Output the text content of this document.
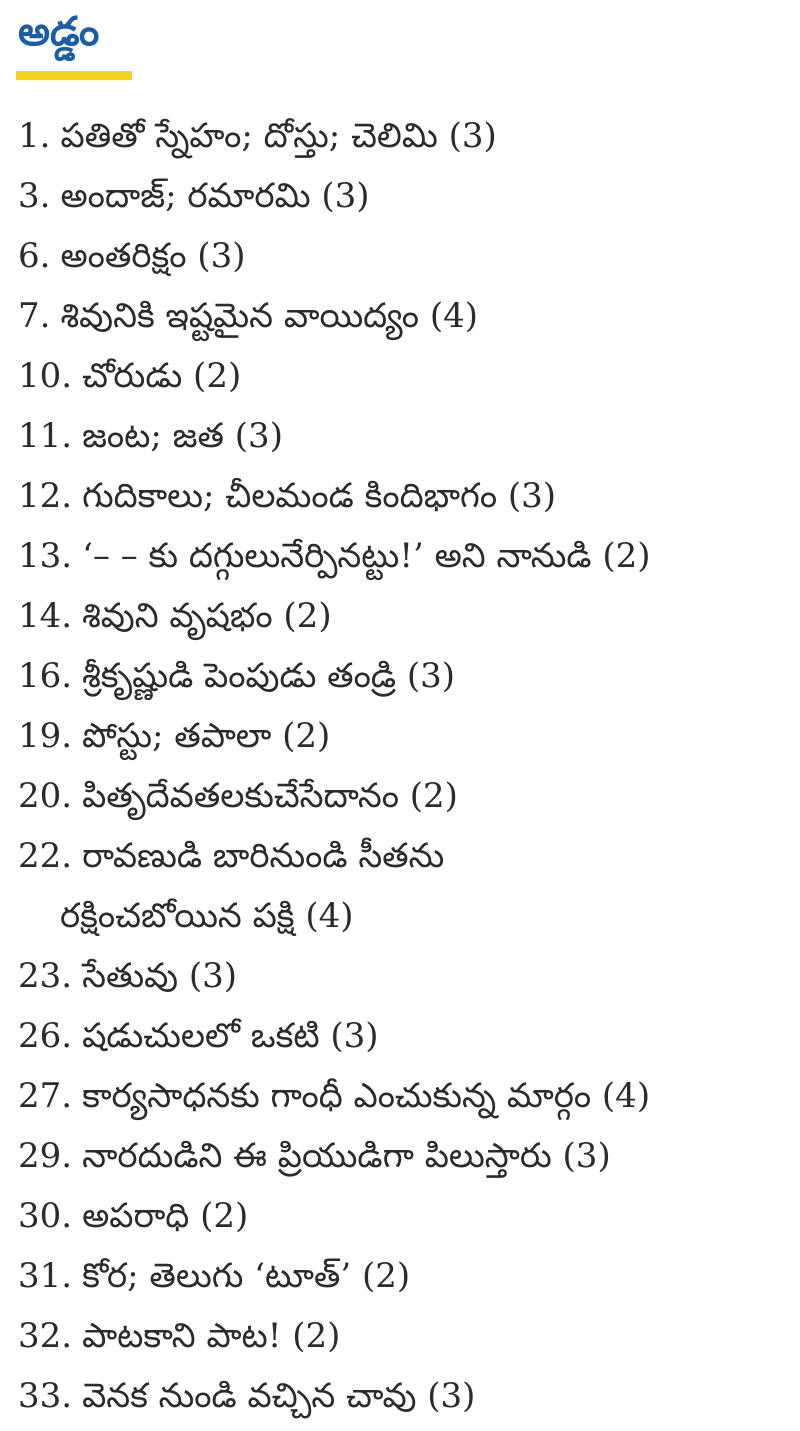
అడ్డం
1. పతితో స్నేహం; దోస్తు; చెలిమి (3)
3. అందాజ్; రమారమి (3)
6. అంతరిక్షం (3)
7. శివునికి ఇష్టమైన వాయిద్యం (4)
10. చోరుడు (2)
11. జంట; జత (3)
12. గుదికాలు; చీలమండ కిందిభాగం (3)
13. ‘– – కు దగ్గులునేర్పినట్టు!’ అని నానుడి (2)
14. శివుని వృషభం (2)
16. శ్రీకృష్ణుడి పెంపుడు తండ్రి (3)
19. పోస్టు; తపాలా (2)
20. పితృదేవతలకుచేసేదానం (2)
22. రావణుడి బారినుండి సీతను
రక్షించబోయిన పక్షి (4)
23. సేతువు (3)
26. షడుచులలో ఒకటి (3)
27. కార్యసాధనకు గాంధీ ఎంచుకున్న మార్గం (4)
29. నారదుడిని ఈ ప్రియుడిగా పిలుస్తారు (3)
30. అపరాధి (2)
31. కోర; తెలుగు ‘టూత్’ (2)
32. పాటకాని పాట! (2)
33. వెనక నుండి వచ్చిన చావు (3)
